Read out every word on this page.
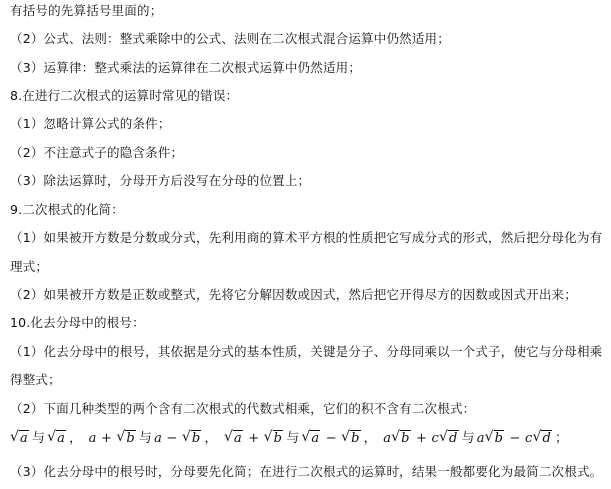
有括号的先算括号里面的；
（2）公式、法则：整式乘除中的公式、法则在二次根式混合运算中仍然适用；
（3）运算律：整式乘法的运算律在二次根式运算中仍然适用；
8.在进行二次根式的运算时常见的错误：
（1）忽略计算公式的条件；
（2）不注意式子的隐含条件；
（3）除法运算时，分母开方后没写在分母的位置上；
9.二次根式的化简：
（1）如果被开方数是分数或分式，先利用商的算术平方根的性质把它写成分式的形式，然后把分母化为有
理式；
（2）如果被开方数是正数或整式，先将它分解因数或因式，然后把它开得尽方的因数或因式开出来；
10.化去分母中的根号：
（1）化去分母中的根号，其依据是分式的基本性质，关键是分子、分母同乘以一个式子，使它与分母相乘
得整式；
（2）下面几种类型的两个含有二次根式的代数式相乘，它们的积不含有二次根式：
√ a 与 √ a ， a + √ b 与 a − √ b ， √ a + √ b 与 √ a − √ b ， a √ b + c √ d 与 a √ b − c √ d ；
（3）化去分母中的根号时，分母要先化简；在进行二次根式的运算时，结果一般都要化为最简二次根式。
